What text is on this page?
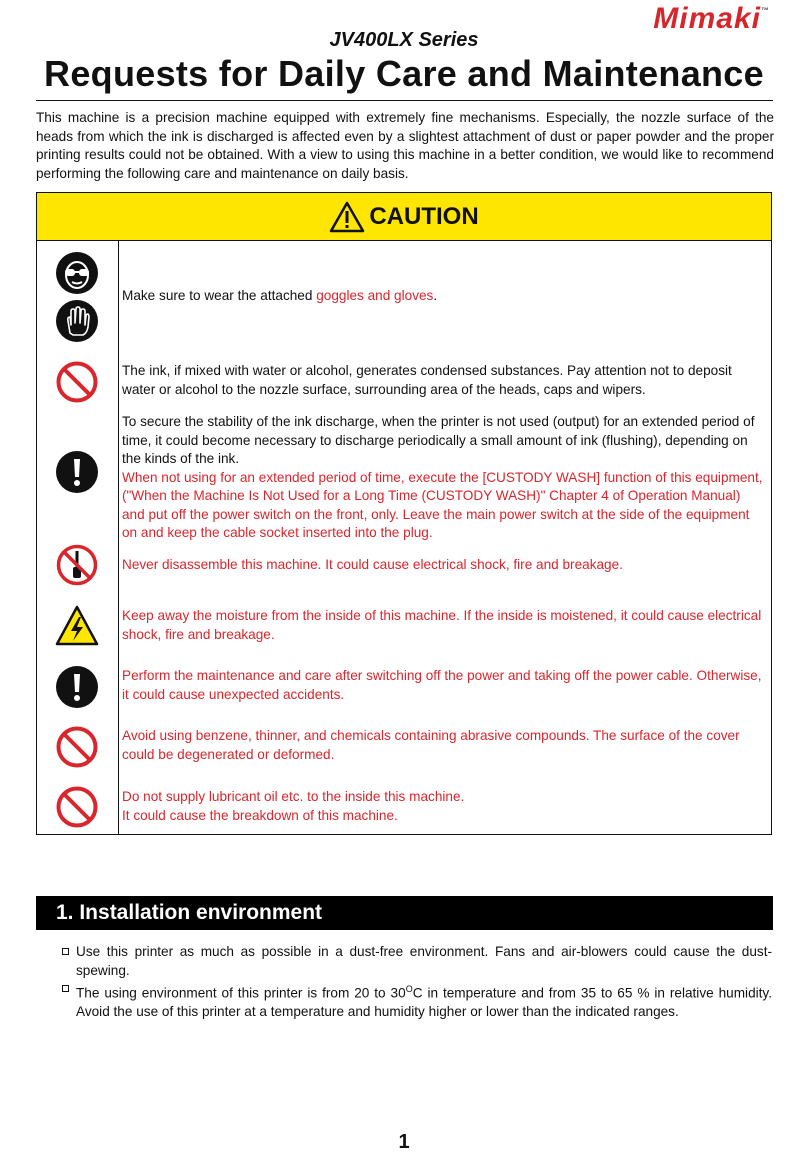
Mimaki™
JV400LX Series
Requests for Daily Care and Maintenance
This machine is a precision machine equipped with extremely fine mechanisms. Especially, the nozzle surface of the heads from which the ink is discharged is affected even by a slightest attachment of dust or paper powder and the proper printing results could not be obtained. With a view to using this machine in a better condition, we would like to recommend performing the following care and maintenance on daily basis.
CAUTION
Make sure to wear the attached goggles and gloves.
The ink, if mixed with water or alcohol, generates condensed substances. Pay attention not to deposit water or alcohol to the nozzle surface, surrounding area of the heads, caps and wipers.
To secure the stability of the ink discharge, when the printer is not used (output) for an extended period of time, it could become necessary to discharge periodically a small amount of ink (flushing), depending on the kinds of the ink.
When not using for an extended period of time, execute the [CUSTODY WASH] function of this equipment, ("When the Machine Is Not Used for a Long Time (CUSTODY WASH)" Chapter 4 of Operation Manual) and put off the power switch on the front, only. Leave the main power switch at the side of the equipment on and keep the cable socket inserted into the plug.
Never disassemble this machine. It could cause electrical shock, fire and breakage.
Keep away the moisture from the inside of this machine. If the inside is moistened, it could cause electrical shock, fire and breakage.
Perform the maintenance and care after switching off the power and taking off the power cable. Otherwise, it could cause unexpected accidents.
Avoid using benzene, thinner, and chemicals containing abrasive compounds. The surface of the cover could be degenerated or deformed.
Do not supply lubricant oil etc. to the inside this machine.
It could cause the breakdown of this machine.
1. Installation environment
Use this printer as much as possible in a dust-free environment. Fans and air-blowers could cause the dust-spewing.
The using environment of this printer is from 20 to $30^OC$ in temperature and from 35 to 65 % in relative humidity. Avoid the use of this printer at a temperature and humidity higher or lower than the indicated ranges.
1
